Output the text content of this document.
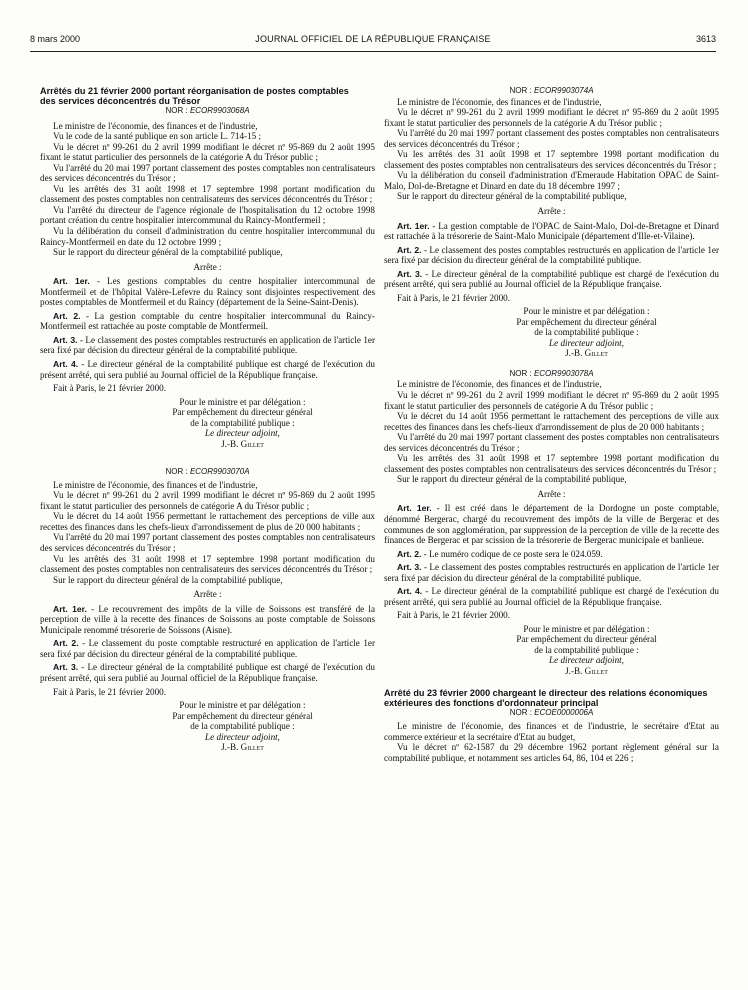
8 mars 2000	JOURNAL OFFICIEL DE LA RÉPUBLIQUE FRANÇAISE	3613

Arrêtés du 21 février 2000 portant réorganisation de postes comptables des services déconcentrés du Trésor

NOR : ECOR9903068A

Le ministre de l'économie, des finances et de l'industrie,

Vu le code de la santé publique en son article L. 714-15 ;

Vu le décret nº 99-261 du 2 avril 1999 modifiant le décret nº 95-869 du 2 août 1995 fixant le statut particulier des personnels de la catégorie A du Trésor public ;

Vu l'arrêté du 20 mai 1997 portant classement des postes comptables non centralisateurs des services déconcentrés du Trésor ;

Vu les arrêtés des 31 août 1998 et 17 septembre 1998 portant modification du classement des postes comptables non centralisateurs des services déconcentrés du Trésor ;

Vu l'arrêté du directeur de l'agence régionale de l'hospitalisation du 12 octobre 1998 portant création du centre hospitalier intercommunal du Raincy-Montfermeil ;

Vu la délibération du conseil d'administration du centre hospitalier intercommunal du Raincy-Montfermeil en date du 12 octobre 1999 ;

Sur le rapport du directeur général de la comptabilité publique,

Arrête :

Art. 1er. - Les gestions comptables du centre hospitalier intercommunal de Montfermeil et de l'hôpital Valère-Lefevre du Raincy sont disjointes respectivement des postes comptables de Montfermeil et du Raincy (département de la Seine-Saint-Denis).

Art. 2. - La gestion comptable du centre hospitalier intercommunal du Raincy-Montfermeil est rattachée au poste comptable de Montfermeil.

Art. 3. - Le classement des postes comptables restructurés en application de l'article 1er sera fixé par décision du directeur général de la comptabilité publique.

Art. 4. - Le directeur général de la comptabilité publique est chargé de l'exécution du présent arrêté, qui sera publié au Journal officiel de la République française.

Fait à Paris, le 21 février 2000.

Pour le ministre et par délégation :

Par empêchement du directeur général

de la comptabilité publique :

Le directeur adjoint,

J.-B. Gillet

NOR : ECOR9903070A

Le ministre de l'économie, des finances et de l'industrie,

Vu le décret nº 99-261 du 2 avril 1999 modifiant le décret nº 95-869 du 2 août 1995 fixant le statut particulier des personnels de catégorie A du Trésor public ;

Vu le décret du 14 août 1956 permettant le rattachement des perceptions de ville aux recettes des finances dans les chefs-lieux d'arrondissement de plus de 20 000 habitants ;

Vu l'arrêté du 20 mai 1997 portant classement des postes comptables non centralisateurs des services déconcentrés du Trésor ;

Vu les arrêtés des 31 août 1998 et 17 septembre 1998 portant modification du classement des postes comptables non centralisateurs des services déconcentrés du Trésor ;

Sur le rapport du directeur général de la comptabilité publique,

Arrête :

Art. 1er. - Le recouvrement des impôts de la ville de Soissons est transféré de la perception de ville à la recette des finances de Soissons au poste comptable de Soissons Municipale renommé trésorerie de Soissons (Aisne).

Art. 2. - Le classement du poste comptable restructuré en application de l'article 1er sera fixé par décision du directeur général de la comptabilité publique.

Art. 3. - Le directeur général de la comptabilité publique est chargé de l'exécution du présent arrêté, qui sera publié au Journal officiel de la République française.

Fait à Paris, le 21 février 2000.

Pour le ministre et par délégation :

Par empêchement du directeur général

de la comptabilité publique :

Le directeur adjoint,

J.-B. Gillet

NOR : ECOR9903074A

Le ministre de l'économie, des finances et de l'industrie,

Vu le décret nº 99-261 du 2 avril 1999 modifiant le décret nº 95-869 du 2 août 1995 fixant le statut particulier des personnels de la catégorie A du Trésor public ;

Vu l'arrêté du 20 mai 1997 portant classement des postes comptables non centralisateurs des services déconcentrés du Trésor ;

Vu les arrêtés des 31 août 1998 et 17 septembre 1998 portant modification du classement des postes comptables non centralisateurs des services déconcentrés du Trésor ;

Vu la délibération du conseil d'administration d'Emeraude Habitation OPAC de Saint-Malo, Dol-de-Bretagne et Dinard en date du 18 décembre 1997 ;

Sur le rapport du directeur général de la comptabilité publique,

Arrête :

Art. 1er. - La gestion comptable de l'OPAC de Saint-Malo, Dol-de-Bretagne et Dinard est rattachée à la trésorerie de Saint-Malo Municipale (département d'Ille-et-Vilaine).

Art. 2. - Le classement des postes comptables restructurés en application de l'article 1er sera fixé par décision du directeur général de la comptabilité publique.

Art. 3. - Le directeur général de la comptabilité publique est chargé de l'exécution du présent arrêté, qui sera publié au Journal officiel de la République française.

Fait à Paris, le 21 février 2000.

Pour le ministre et par délégation :

Par empêchement du directeur général

de la comptabilité publique :

Le directeur adjoint,

J.-B. Gillet

NOR : ECOR9903078A

Le ministre de l'économie, des finances et de l'industrie,

Vu le décret nº 99-261 du 2 avril 1999 modifiant le décret nº 95-869 du 2 août 1995 fixant le statut particulier des personnels de catégorie A du Trésor public ;

Vu le décret du 14 août 1956 permettant le rattachement des perceptions de ville aux recettes des finances dans les chefs-lieux d'arrondissement de plus de 20 000 habitants ;

Vu l'arrêté du 20 mai 1997 portant classement des postes comptables non centralisateurs des services déconcentrés du Trésor ;

Vu les arrêtés des 31 août 1998 et 17 septembre 1998 portant modification du classement des postes comptables non centralisateurs des services déconcentrés du Trésor ;

Sur le rapport du directeur général de la comptabilité publique,

Arrête :

Art. 1er. - Il est créé dans le département de la Dordogne un poste comptable, dénommé Bergerac, chargé du recouvrement des impôts de la ville de Bergerac et des communes de son agglomération, par suppression de la perception de ville de la recette des finances de Bergerac et par scission de la trésorerie de Bergerac municipale et banlieue.

Art. 2. - Le numéro codique de ce poste sera le 024.059.

Art. 3. - Le classement des postes comptables restructurés en application de l'article 1er sera fixé par décision du directeur général de la comptabilité publique.

Art. 4. - Le directeur général de la comptabilité publique est chargé de l'exécution du présent arrêté, qui sera publié au Journal officiel de la République française.

Fait à Paris, le 21 février 2000.

Pour le ministre et par délégation :

Par empêchement du directeur général

de la comptabilité publique :

Le directeur adjoint,

J.-B. Gillet

Arrêté du 23 février 2000 chargeant le directeur des relations économiques extérieures des fonctions d'ordonnateur principal

NOR : ECOE0000006A

Le ministre de l'économie, des finances et de l'industrie, le secrétaire d'Etat au commerce extérieur et la secrétaire d'Etat au budget,

Vu le décret nº 62-1587 du 29 décembre 1962 portant règlement général sur la comptabilité publique, et notamment ses articles 64, 86, 104 et 226 ;
